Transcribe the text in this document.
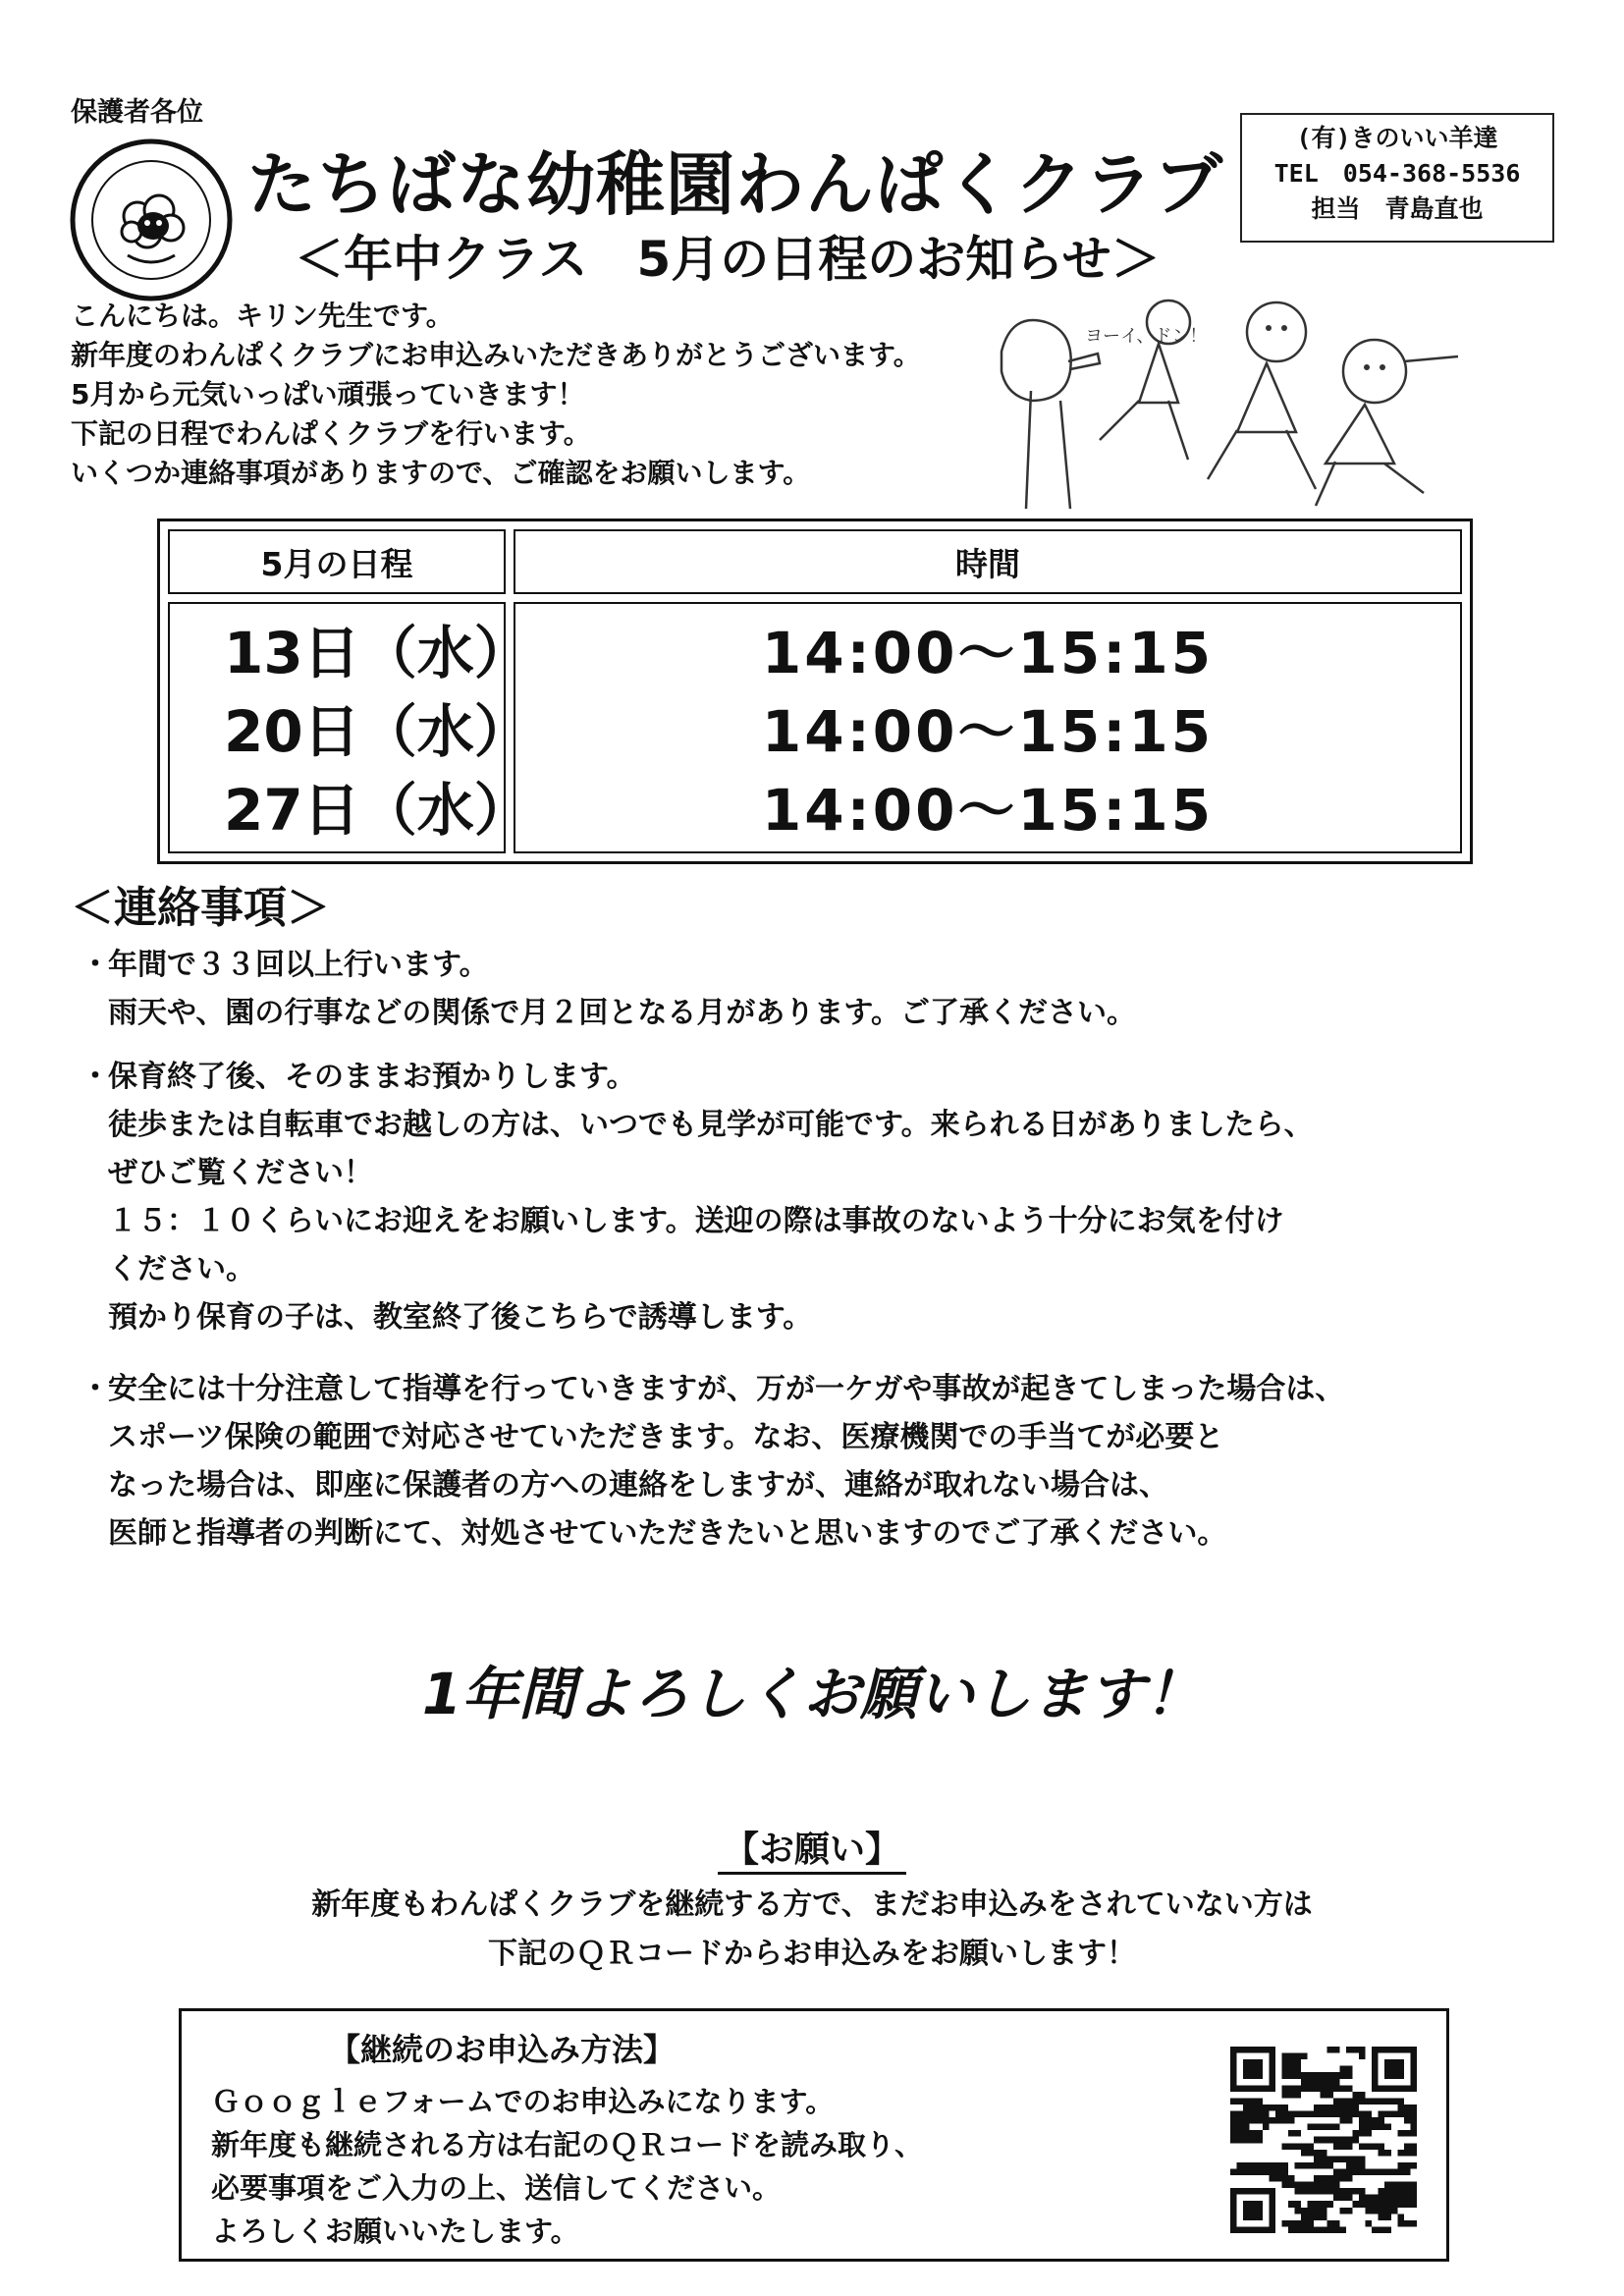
保護者各位
たちばな幼稚園わんぱくクラブ
＜年中クラス　5月の日程のお知らせ＞
(有)きのいい羊達
TEL　054-368-5536
担当　青島直也
こんにちは。キリン先生です。
新年度のわんぱくクラブにお申込みいただきありがとうございます。
5月から元気いっぱい頑張っていきます！
下記の日程でわんぱくクラブを行います。
いくつか連絡事項がありますので、ご確認をお願いします。
ヨーイ、ドン！
5月の日程	時間
13日（水）
20日（水）
27日（水）
14:00～15:15
14:00～15:15
14:00～15:15
＜連絡事項＞
・
年間で３３回以上行います。
雨天や、園の行事などの関係で月２回となる月があります。ご了承ください。
・
保育終了後、そのままお預かりします。
徒歩または自転車でお越しの方は、いつでも見学が可能です。来られる日がありましたら、
ぜひご覧ください！
１５：１０くらいにお迎えをお願いします。送迎の際は事故のないよう十分にお気を付け
ください。
預かり保育の子は、教室終了後こちらで誘導します。
・
安全には十分注意して指導を行っていきますが、万が一ケガや事故が起きてしまった場合は、
スポーツ保険の範囲で対応させていただきます。なお、医療機関での手当てが必要と
なった場合は、即座に保護者の方への連絡をしますが、連絡が取れない場合は、
医師と指導者の判断にて、対処させていただきたいと思いますのでご了承ください。
1年間よろしくお願いします！
【お願い】
新年度もわんぱくクラブを継続する方で、まだお申込みをされていない方は
下記のＱＲコードからお申込みをお願いします！
【継続のお申込み方法】
Ｇｏｏｇｌｅフォームでのお申込みになります。
新年度も継続される方は右記のＱＲコードを読み取り、
必要事項をご入力の上、送信してください。
よろしくお願いいたします。
